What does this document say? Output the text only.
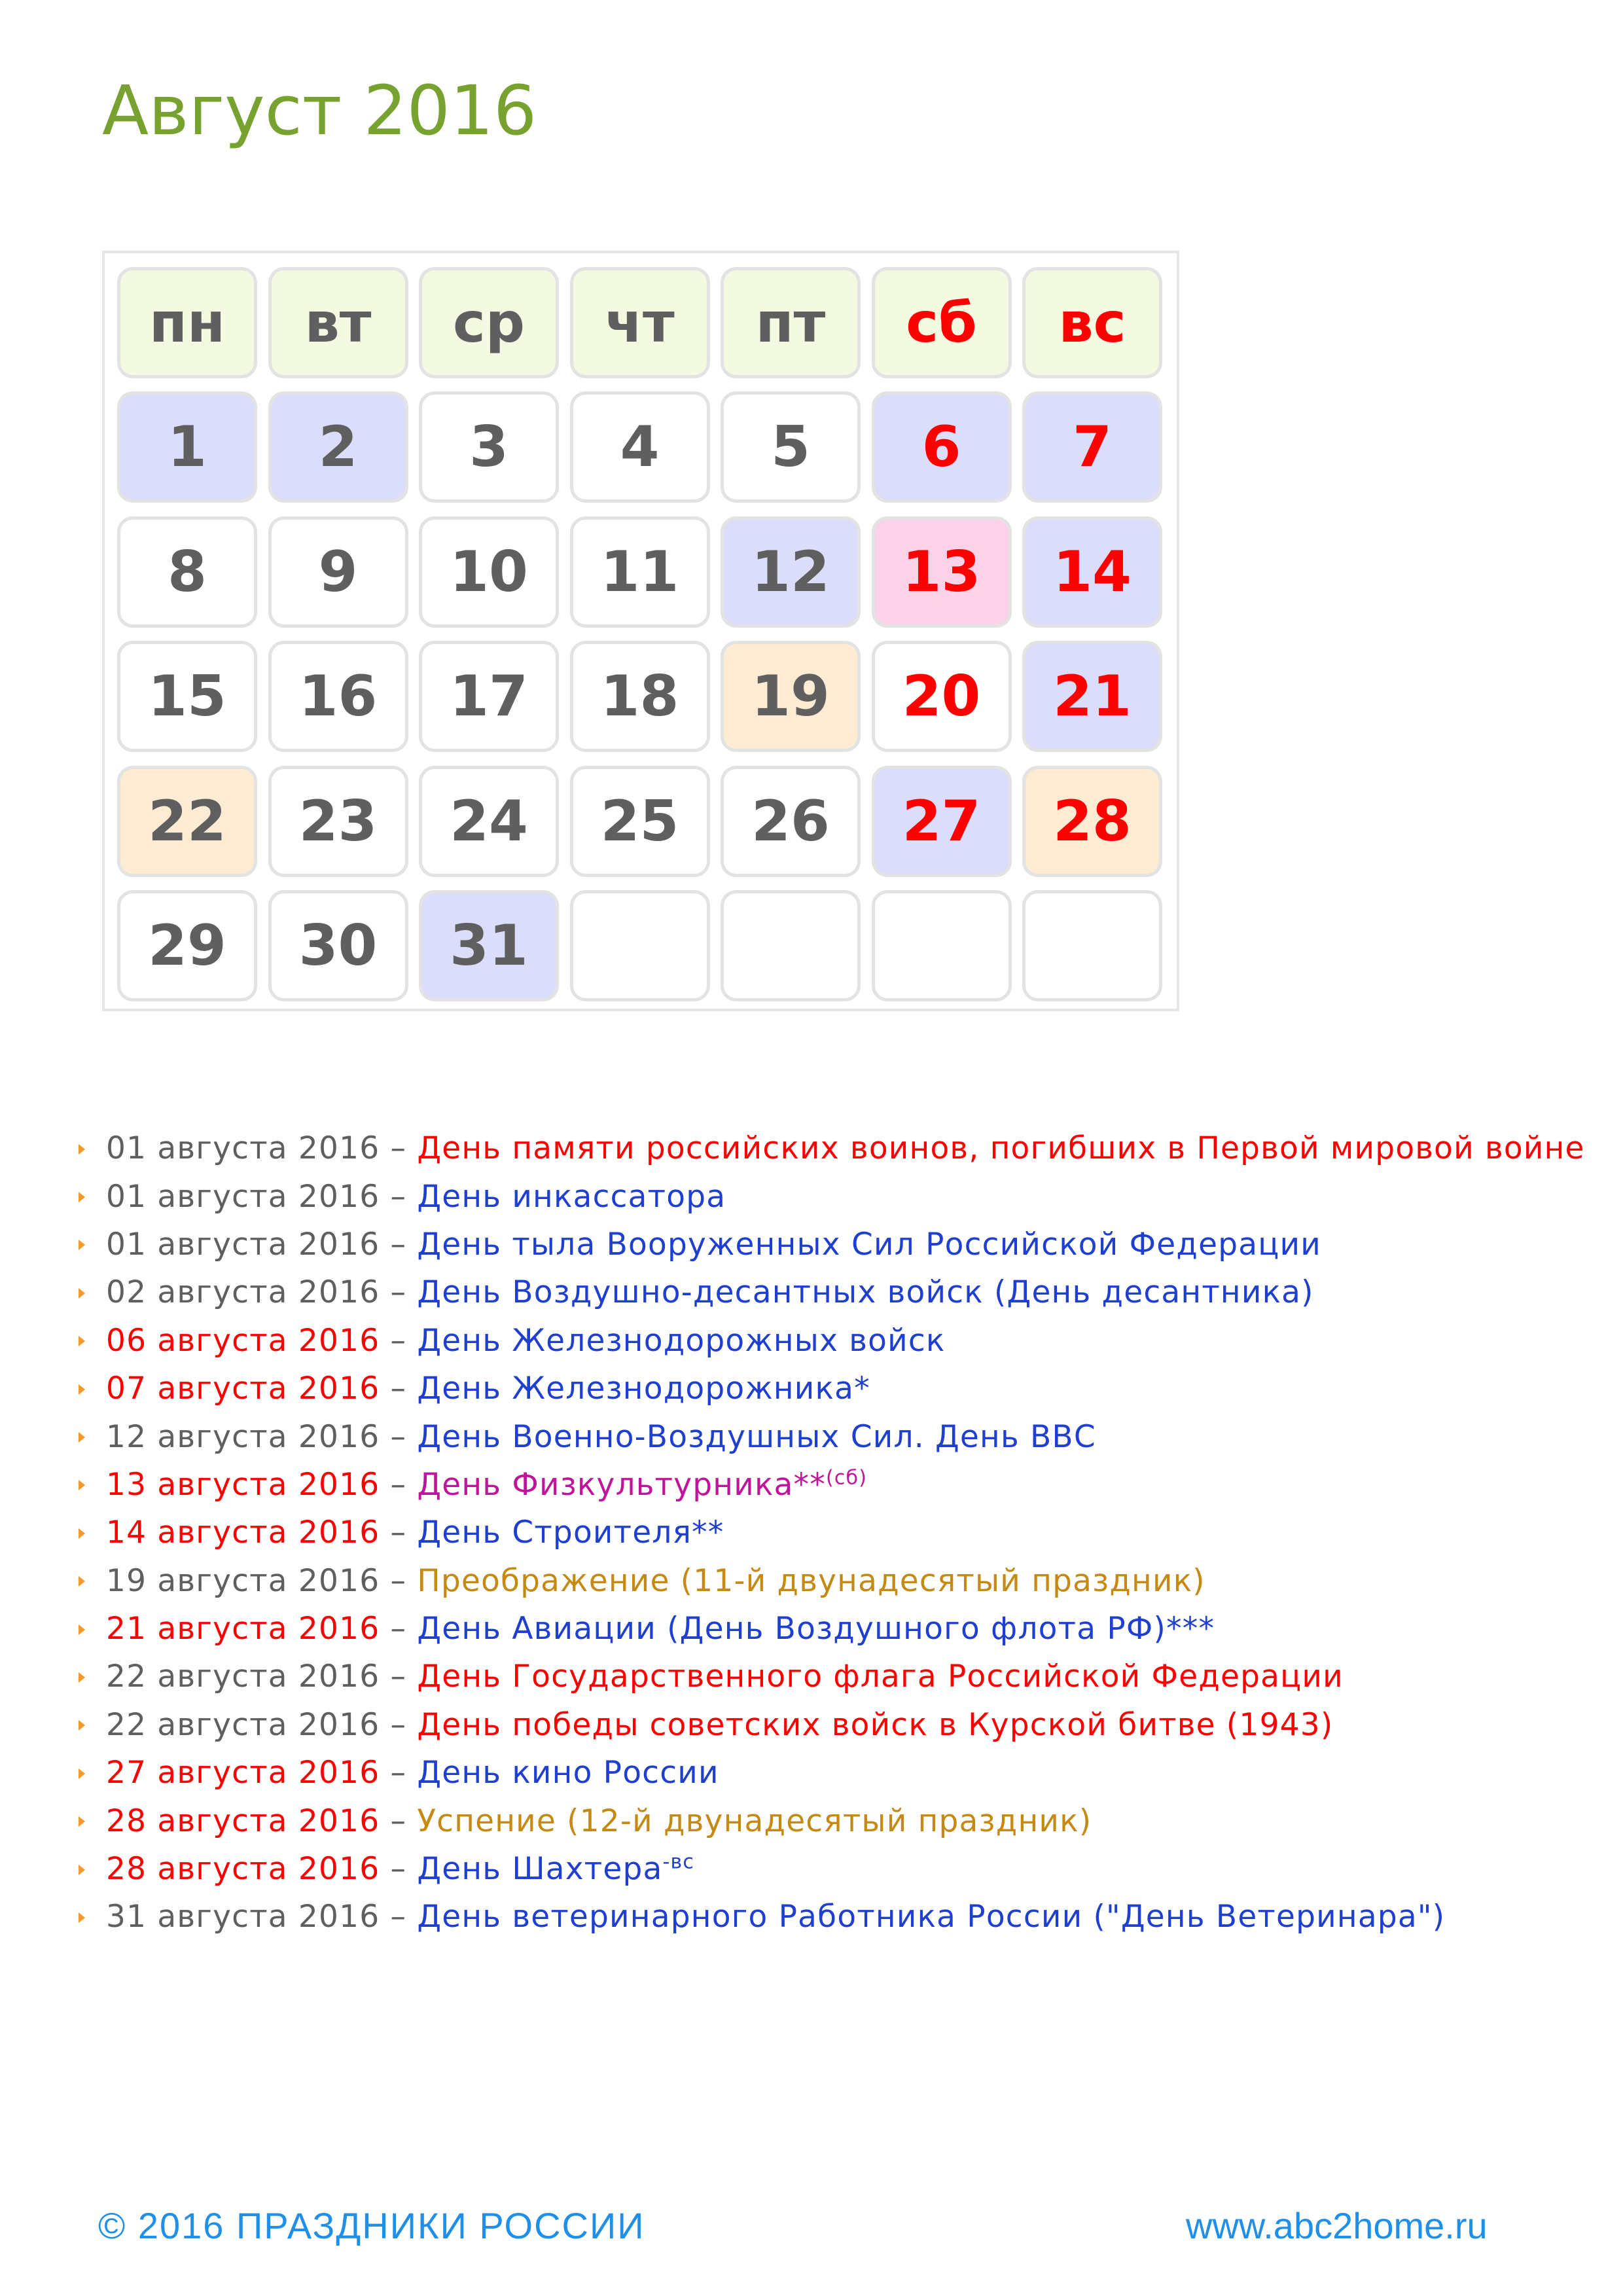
Август 2016
пн	вт	ср	чт	пт	сб	вс
1	2	3	4	5	6	7
8	9	10	11	12	13	14
15	16	17	18	19	20	21
22	23	24	25	26	27	28
29	30	31
01 августа 2016 – День памяти российских воинов, погибших в Первой мировой войне
01 августа 2016 – День инкассатора
01 августа 2016 – День тыла Вооруженных Сил Российской Федерации
02 августа 2016 – День Воздушно-десантных войск (День десантника)
06 августа 2016 – День Железнодорожных войск
07 августа 2016 – День Железнодорожника*
12 августа 2016 – День Военно-Воздушных Сил. День ВВС
13 августа 2016 – День Физкультурника**$^{(сб)}$
14 августа 2016 – День Строителя**
19 августа 2016 – Преображение (11-й двунадесятый праздник)
21 августа 2016 – День Авиации (День Воздушного флота РФ)***
22 августа 2016 – День Государственного флага Российской Федерации
22 августа 2016 – День победы советских войск в Курской битве (1943)
27 августа 2016 – День кино России
28 августа 2016 – Успение (12-й двунадесятый праздник)
28 августа 2016 – День Шахтера$^{-вс}$
31 августа 2016 – День ветеринарного Работника России ("День Ветеринара")
© 2016 ПРАЗДНИКИ РОССИИ	www.abc2home.ru
